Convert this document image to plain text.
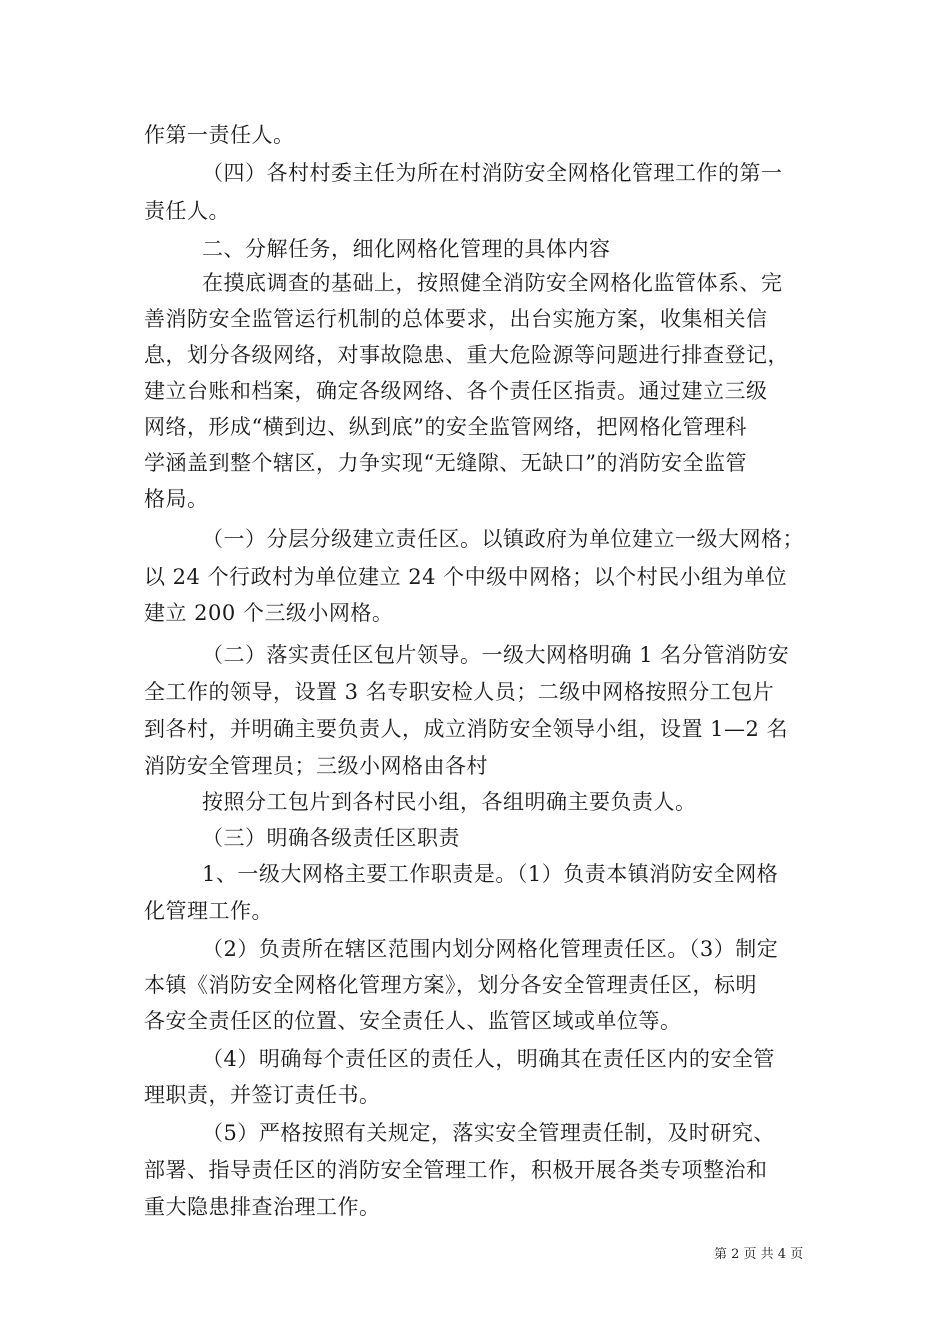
作第一责任人。
（四）各村村委主任为所在村消防安全网格化管理工作的第一
责任人。
二、分解任务，细化网格化管理的具体内容
在摸底调查的基础上，按照健全消防安全网格化监管体系、完
善消防安全监管运行机制的总体要求，出台实施方案，收集相关信
息，划分各级网络，对事故隐患、重大危险源等问题进行排查登记，
建立台账和档案，确定各级网络、各个责任区指责。通过建立三级
网络，形成“横到边、纵到底”的安全监管网络，把网格化管理科
学涵盖到整个辖区，力争实现“无缝隙、无缺口”的消防安全监管
格局。
（一）分层分级建立责任区。以镇政府为单位建立一级大网格；
以 24 个行政村为单位建立 24 个中级中网格；以个村民小组为单位
建立 200 个三级小网格。
（二）落实责任区包片领导。一级大网格明确 1 名分管消防安
全工作的领导，设置 3 名专职安检人员；二级中网格按照分工包片
到各村，并明确主要负责人，成立消防安全领导小组，设置 1—2 名
消防安全管理员；三级小网格由各村
按照分工包片到各村民小组，各组明确主要负责人。
（三）明确各级责任区职责
1、一级大网格主要工作职责是。（1）负责本镇消防安全网格
化管理工作。
（2）负责所在辖区范围内划分网格化管理责任区。（3）制定
本镇《消防安全网格化管理方案》，划分各安全管理责任区，标明
各安全责任区的位置、安全责任人、监管区域或单位等。
（4）明确每个责任区的责任人，明确其在责任区内的安全管
理职责，并签订责任书。
（5）严格按照有关规定，落实安全管理责任制，及时研究、
部署、指导责任区的消防安全管理工作，积极开展各类专项整治和
重大隐患排查治理工作。
第 2 页 共 4 页
